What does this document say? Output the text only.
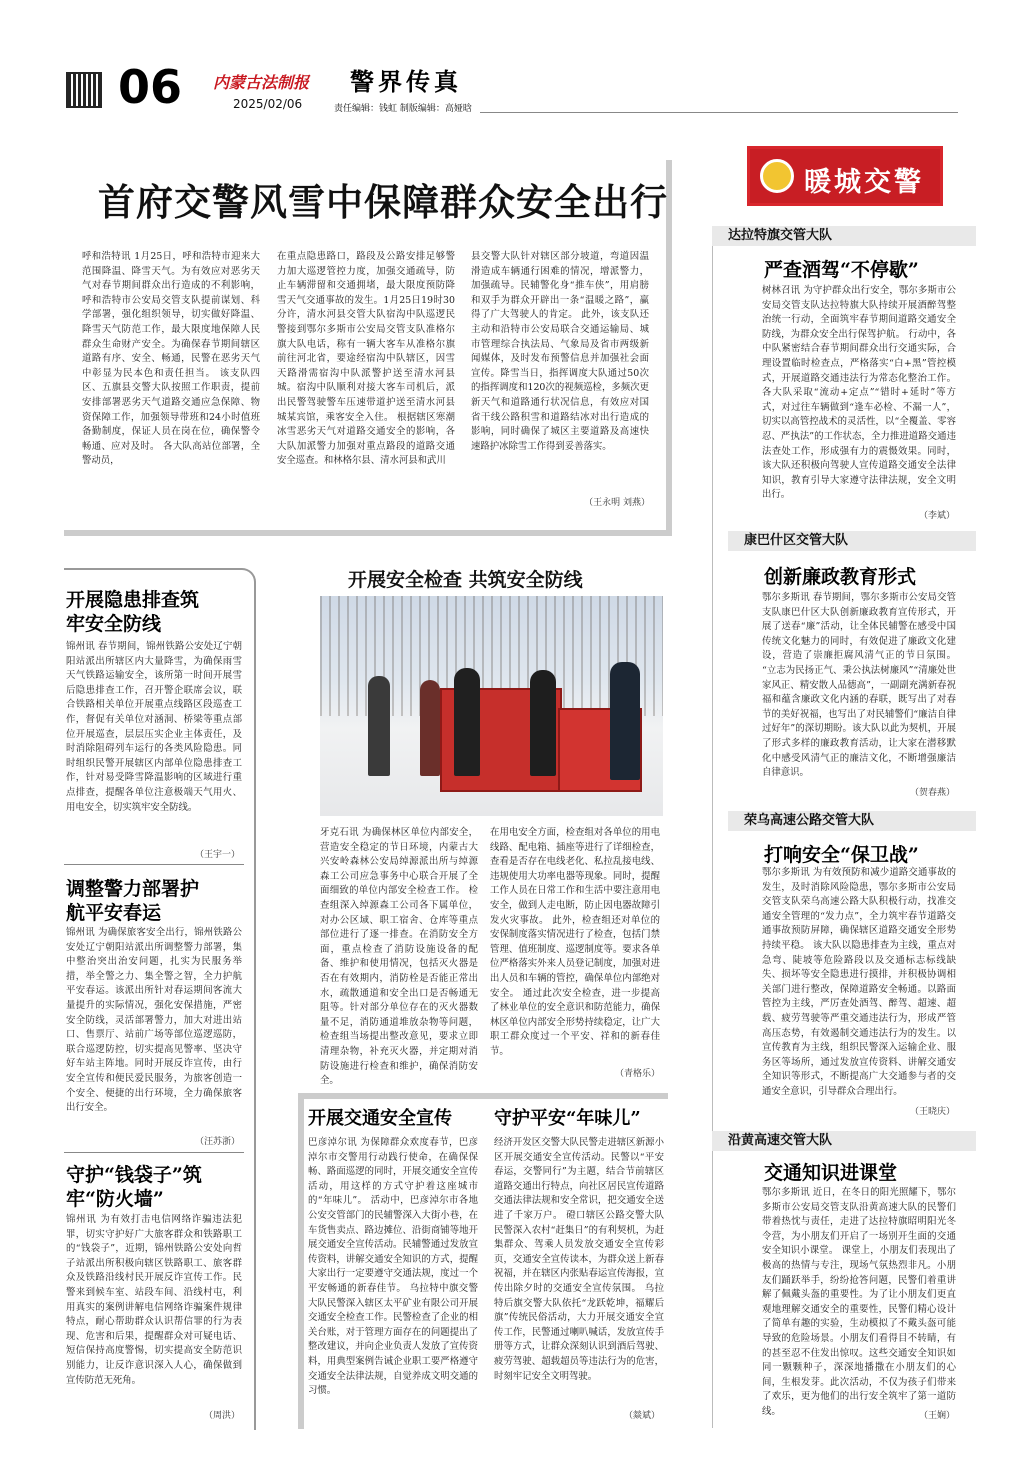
06 内蒙古法制报
2025/02/06
警界传真
责任编辑：钱虹 制版编辑：高娅晗
暖城交警
首府交警风雪中保障群众安全出行
呼和浩特讯 1月25日，呼和浩特市迎来大范围降温、降雪天气。为有效应对恶劣天气对春节期间群众出行造成的不利影响，呼和浩特市公安局交管支队提前谋划、科学部署，强化组织领导，切实做好降温、降雪天气防范工作，最大限度地保障人民群众生命财产安全。为确保春节期间辖区道路有序、安全、畅通，民警在恶劣天气中彰显为民本色和责任担当。 该支队四区、五旗县交警大队按照工作职责，提前安排部署恶劣天气道路交通应急保障、物资保障工作，加强领导带班和24小时值班备勤制度，保证人员在岗在位，确保警令畅通、应对及时。 各大队高站位部署，全警动员，
在重点隐患路口，路段及公路安排足够警力加大巡逻管控力度，加强交通疏导，防止车辆滞留和交通拥堵，最大限度预防降雪天气交通事故的发生。1月25日19时30分许，清水河县交管大队宿沟中队巡逻民警接到鄂尔多斯市公安局交管支队准格尔旗大队电话，称有一辆大客车从准格尔旗前往河北省，要途经宿沟中队辖区，因雪天路滑需宿沟中队派警护送至清水河县城。宿沟中队顺利对接大客车司机后，派出民警驾驶警车压速带道护送至清水河县城某宾馆，乘客安全入住。 根据辖区寒潮冰雪恶劣天气对道路交通安全的影响，各大队加派警力加强对重点路段的道路交通安全巡查。和林格尔县、清水河县和武川
县交警大队针对辖区部分坡道，弯道因温滑造成车辆通行困难的情况，增派警力，加强疏导。民辅警化身“推车侠”，用肩膀和双手为群众开辟出一条“温暖之路”，赢得了广大驾驶人的肯定。 此外，该支队还主动和沿特市公安局联合交通运输局、城市管理综合执法局、气象局及省市两级新闻媒体，及时发布预警信息并加强社会面宣传。降雪当日，指挥调度大队通过50次的指挥调度和120次的视频巡检，多频次更新天气和道路通行状况信息，有效应对国省干线公路积雪和道路结冰对出行造成的影响，同时确保了城区主要道路及高速快速路护冰除雪工作得到妥善落实。
（王永明 刘燕）
开展隐患排查筑牢安全防线
锦州讯 春节期间，锦州铁路公安处辽宁朝阳站派出所辖区内大量降雪，为确保雨雪天气铁路运输安全，该所第一时间开展雪后隐患排查工作，召开警企联席会议，联合铁路相关单位开展重点线路区段巡查工作，督促有关单位对涵洞、桥梁等重点部位开展巡查，层层压实企业主体责任，及时消除阻碍列车运行的各类风险隐患。同时组织民警开展辖区内部单位隐患排查工作，针对易受降雪降温影响的区域进行重点排查，提醒各单位注意极端天气用火、用电安全，切实筑牢安全防线。
（王宇一）
调整警力部署护航平安春运
锦州讯 为确保旅客安全出行，锦州铁路公安处辽宁朝阳站派出所调整警力部署，集中整治突出治安问题，扎实为民服务举措，举全警之力、集全警之智，全力护航平安春运。该派出所针对春运期间客流大量提升的实际情况，强化安保措施，严密安全防线，灵活部署警力，加大对进出站口、售票厅、站前广场等部位巡逻巡防，联合巡逻防控，切实提高见警率、坚决守好车站主阵地。同时开展反诈宣传，由行安全宣传和便民爱民服务，为旅客创造一个安全、便捷的出行环境，全力确保旅客出行安全。
（汪苏浙）
守护“钱袋子”筑牢“防火墙”
锦州讯 为有效打击电信网络诈骗违法犯罪，切实守护好广大旅客群众和铁路职工的“钱袋子”，近期，锦州铁路公安处向哲子站派出所积极向辖区铁路职工、旅客群众及铁路沿线村民开展反诈宣传工作。民警来到候车室、站段车间、沿线村屯，利用真实的案例讲解电信网络诈骗案件规律特点，耐心帮助群众认识帮信罪的行为表现、危害和后果，提醒群众对可疑电话、短信保持高度警惕，切实提高安全防范识别能力，让反诈意识深入人心，确保做到宣传防范无死角。
（周洪）
开展安全检查 共筑安全防线
牙克石讯 为确保林区单位内部安全，营造安全稳定的节日环境，内蒙古大兴安岭森林公安局绰源派出所与绰源森工公司应急事务中心联合开展了全面细致的单位内部安全检查工作。 检查组深入绰源森工公司各下属单位，对办公区域、职工宿舍、仓库等重点部位进行了逐一排查。在消防安全方面，重点检查了消防设施设备的配备、维护和使用情况，包括灭火器是否在有效期内，消防栓是否能正常出水，疏散通道和安全出口是否畅通无阻等。针对部分单位存在的灭火器数量不足，消防通道堆放杂物等问题，检查组当场提出整改意见，要求立即清理杂物，补充灭火器，并定期对消防设施进行检查和维护，确保消防安全。
在用电安全方面，检查组对各单位的用电线路、配电箱、插座等进行了详细检查，查看是否存在电线老化、私拉乱接电线、违规使用大功率电器等现象。同时，提醒工作人员在日常工作和生活中要注意用电安全，做到人走电断，防止因电器故障引发火灾事故。 此外，检查组还对单位的安保制度落实情况进行了检查，包括门禁管理、值班制度、巡逻制度等。要求各单位严格落实外来人员登记制度，加强对进出人员和车辆的管控，确保单位内部绝对安全。 通过此次安全检查，进一步提高了林业单位的安全意识和防范能力，确保林区单位内部安全形势持续稳定，让广大职工群众度过一个平安、祥和的新春佳节。
（青格乐）
开展交通安全宣传
巴彦淖尔讯 为保障群众欢度春节，巴彦淖尔市交警用行动践行使命，在确保保畅、路面巡逻的同时，开展交通安全宣传活动，用这样的方式守护着这座城市的“年味儿”。 活动中，巴彦淖尔市各地公安交管部门的民辅警深入大街小巷，在车货售卖点、路边摊位、沿街商铺等地开展交通安全宣传活动。民辅警通过发放宣传资料，讲解交通安全知识的方式，提醒大家出行一定要遵守交通法规，度过一个平安畅通的新春佳节。 乌拉特中旗交警大队民警深入辖区太平矿业有限公司开展交通安全检查工作。民警检查了企业的相关台账，对于管理方面存在的问题提出了整改建议，并向企业负责人发放了宣传资料，用典型案例告诫企业职工要严格遵守交通安全法律法规，自觉养成文明交通的习惯。
守护平安“年味儿”
经济开发区交警大队民警走进辖区新源小区开展交通安全宣传活动。民警以“平安春运，交警同行”为主题，结合节前辖区道路交通出行特点，向社区居民宣传道路交通法律法规和安全常识，把交通安全送进了千家万户。 磴口辖区公路交警大队民警深入农村“赶集日”的有利契机，为赶集群众、驾乘人员发放交通安全宣传彩页，交通安全宣传读本，为群众送上新春祝福，并在辖区内张贴春运宣传海报，宣传出除夕时的交通安全宣传氛围。 乌拉特后旗交警大队依托“龙跃乾坤，福耀后旗”传统民俗活动，大力开展交通安全宣传工作，民警通过喇叭喊话，发放宣传手册等方式，让群众深刻认识到酒后驾驶、疲劳驾驶、超载超员等违法行为的危害，时刻牢记安全文明驾驶。
（燚斌）
达拉特旗交管大队
严查酒驾“不停歇”
树林召讯 为守护群众出行安全，鄂尔多斯市公安局交管支队达拉特旗大队持续开展酒醉驾整治统一行动，全面筑牢春节期间道路交通安全防线，为群众安全出行保驾护航。 行动中，各中队紧密结合春节期间群众出行交通实际，合理设置临时检查点，严格落实“白+黑”管控模式，开展道路交通违法行为常态化整治工作。各大队采取“流动+定点”“错时+延时”等方式，对过往车辆做到“逢车必检、不漏一人”，切实以高管控战术的灵活性，以“全覆盖、零容忍、严执法”的工作状态，全力推进道路交通违法查处工作，形成强有力的震慑效果。同时，该大队还积极向驾驶人宣传道路交通安全法律知识，教育引导大家遵守法律法规，安全文明出行。
（李斌）
康巴什区交管大队
创新廉政教育形式
鄂尔多斯讯 春节期间，鄂尔多斯市公安局交管支队康巴什区大队创新廉政教育宣传形式，开展了送春“廉”活动，让全体民辅警在感受中国传统文化魅力的同时，有效促进了廉政文化建设，营造了崇廉拒腐风清气正的节日氛围。 “立志为民扬正气、秉公执法树廉风”“清廉处世家风正、精安散人品德高”，一副副充满新春祝福和蕴含廉政文化内涵的春联，既写出了对春节的美好祝福，也写出了对民辅警们“廉洁自律过好年”的深切期盼。该大队以此为契机，开展了形式多样的廉政教育活动，让大家在潜移默化中感受风清气正的廉洁文化，不断增强廉洁自律意识。
（贺春燕）
荣乌高速公路交管大队
打响安全“保卫战”
鄂尔多斯讯 为有效预防和减少道路交通事故的发生，及时消除风险隐患，鄂尔多斯市公安局交管支队荣乌高速公路大队积极行动，找准交通安全管理的“发力点”，全力筑牢春节道路交通事故预防屏障，确保辖区道路交通安全形势持续平稳。 该大队以隐患排查为主线，重点对急弯、陡坡等危险路段以及交通标志标线缺失、损坏等安全隐患进行摸排，并积极协调相关部门进行整改，保障道路安全畅通。以路面管控为主线，严厉查处酒驾、醉驾、超速、超载、疲劳驾驶等严重交通违法行为，形成严管高压态势，有效遏制交通违法行为的发生。以宣传教育为主线，组织民警深入运输企业、服务区等场所，通过发放宣传资料、讲解交通安全知识等形式，不断提高广大交通参与者的交通安全意识，引导群众合理出行。
（王晓庆）
沿黄高速交管大队
交通知识进课堂
鄂尔多斯讯 近日，在冬日的阳光照耀下，鄂尔多斯市公安局交管支队沿黄高速大队的民警们带着热忱与责任，走进了达拉特旗昭明阳光冬令营，为小朋友们开启了一场别开生面的交通安全知识小课堂。 课堂上，小朋友们表现出了极高的热情与专注，现场气氛热烈非凡。小朋友们踊跃举手，纷纷抢答问题，民警们着重讲解了佩戴头盔的重要性。为了让小朋友们更直观地理解交通安全的重要性，民警们精心设计了简单有趣的实验，生动模拟了不戴头盔可能导致的危险场景。小朋友们看得目不转睛，有的甚至忍不住发出惊叹。这些交通安全知识如同一颗颗种子，深深地播撒在小朋友们的心间，生根发芽。此次活动，不仅为孩子们带来了欢乐，更为他们的出行安全筑牢了第一道防线。	（王娴）
